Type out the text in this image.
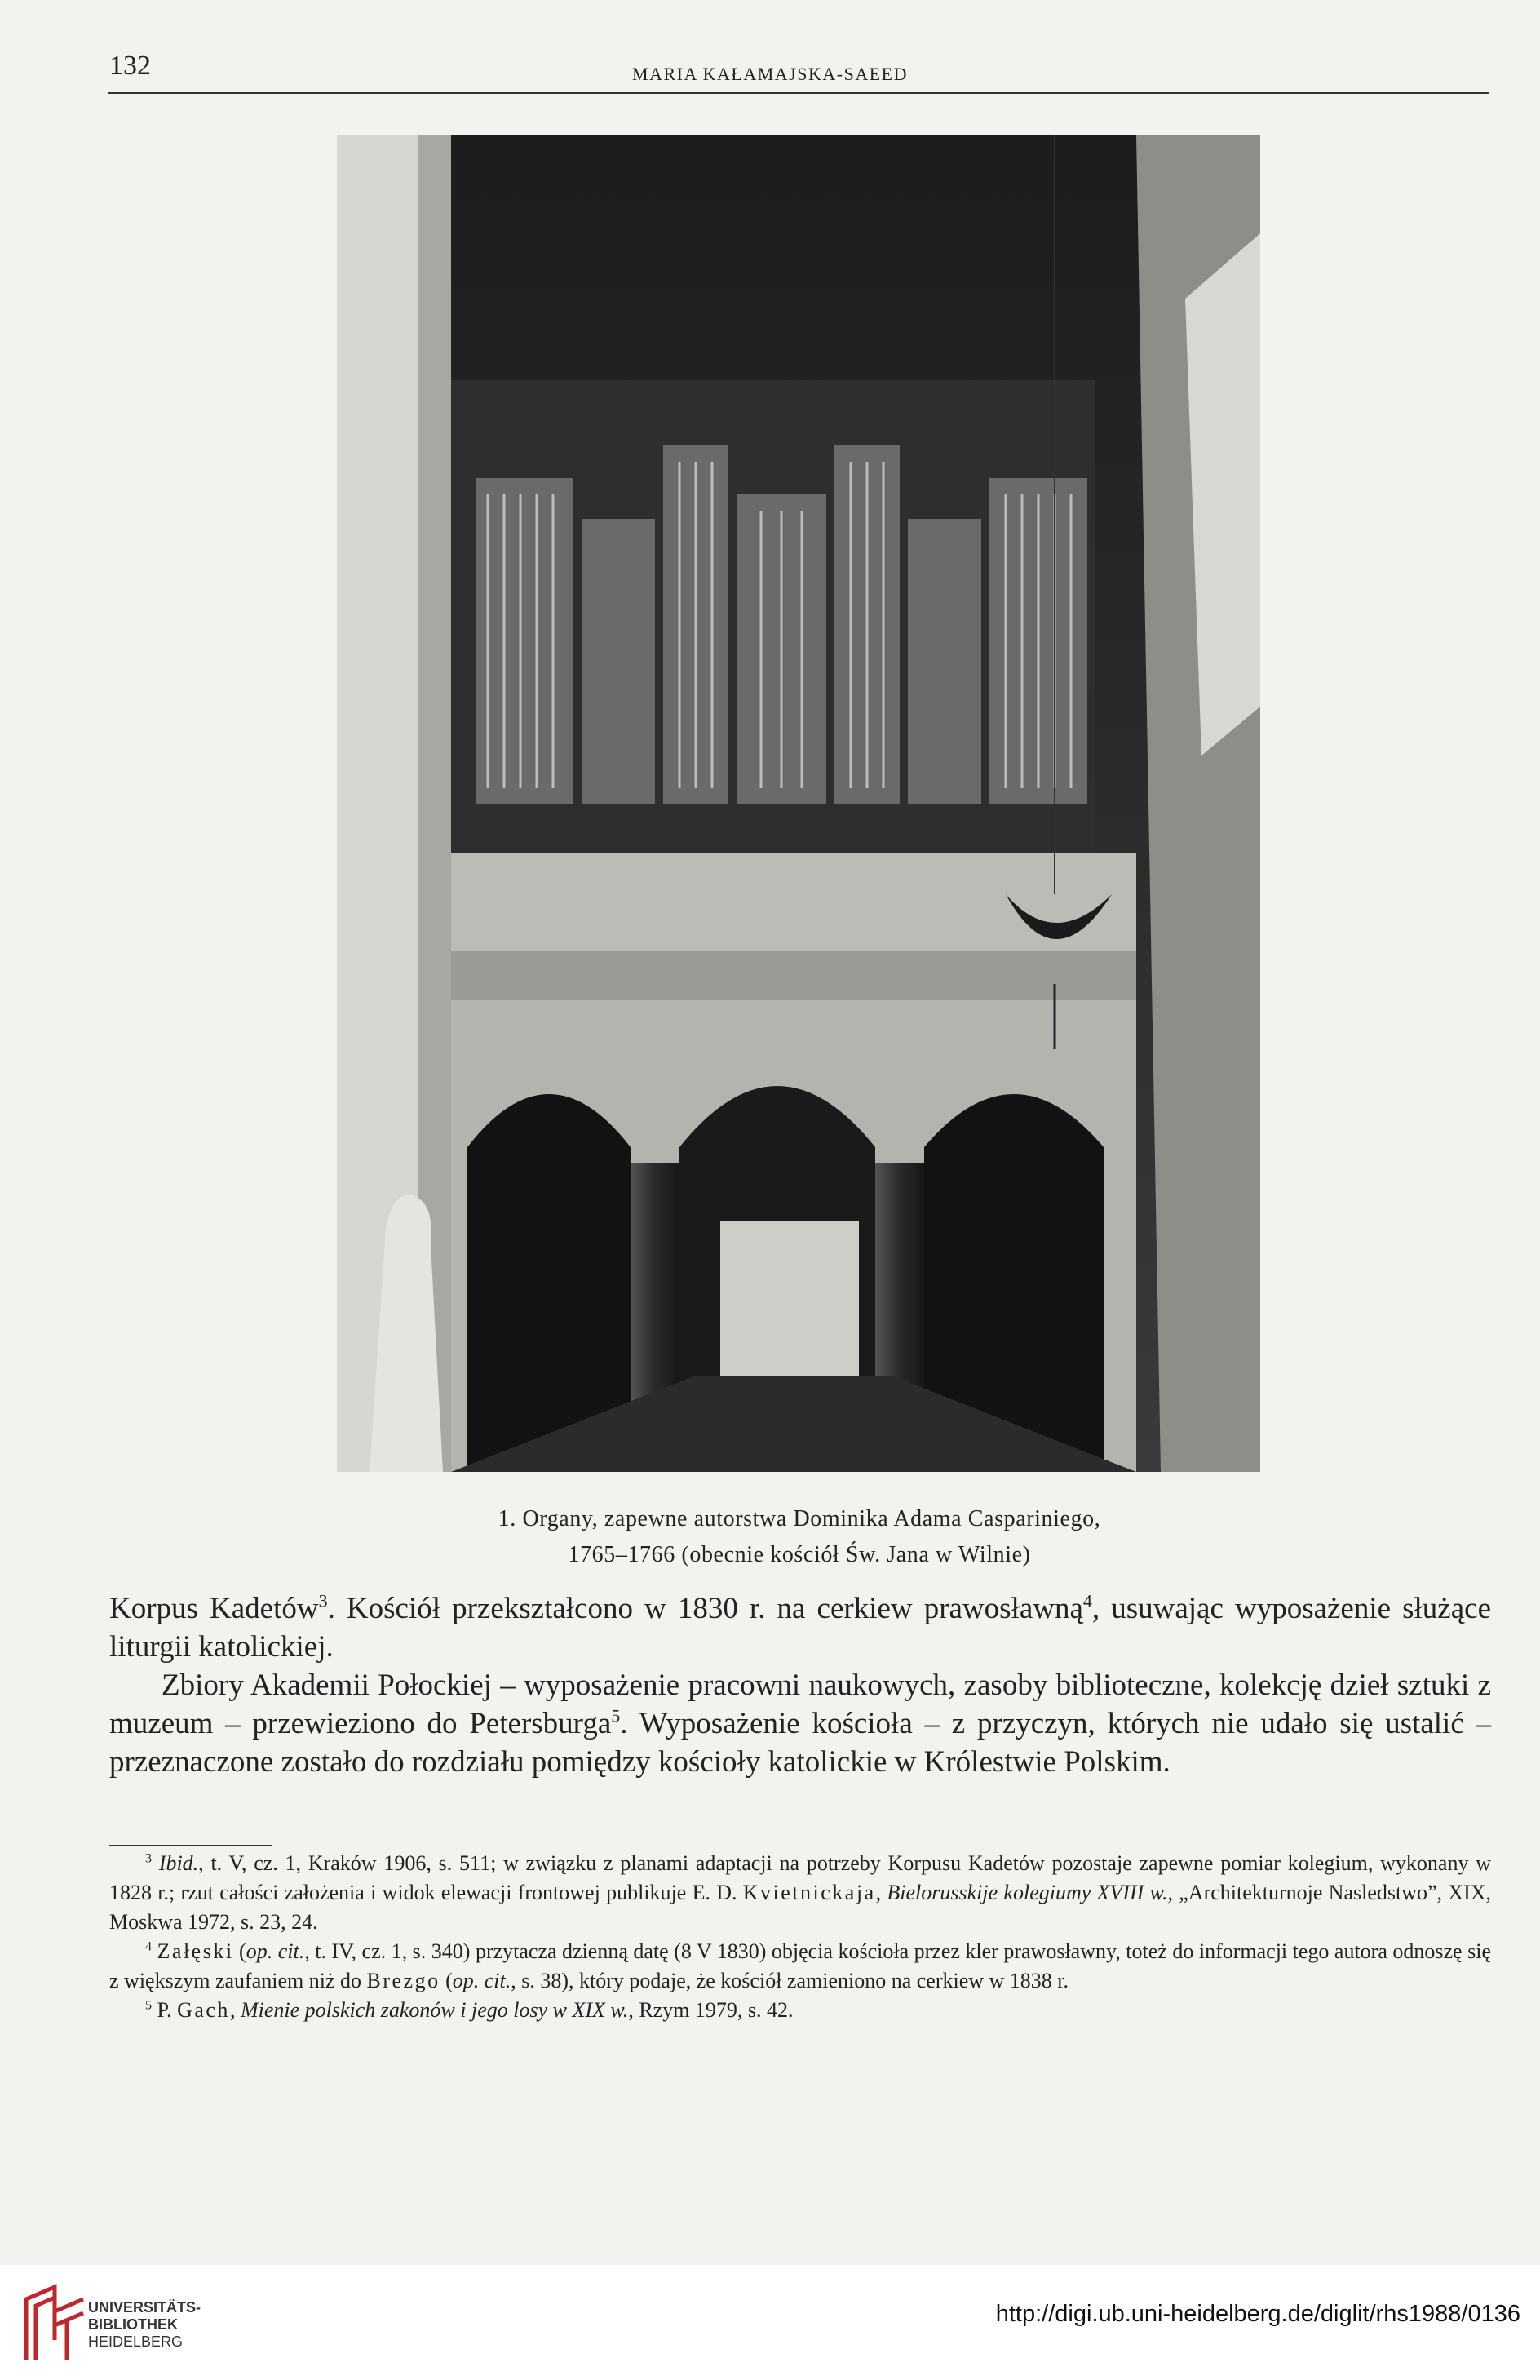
132	MARIA KAŁAMAJSKA-SAEED
1. Organy, zapewne autorstwa Dominika Adama Caspariniego,
1765–1766 (obecnie kościół Św. Jana w Wilnie)

Korpus Kadetów$^3$. Kościół przekształcono w 1830 r. na cerkiew prawosławną$^4$, usuwając wyposażenie służące liturgii katolickiej.

Zbiory Akademii Połockiej – wyposażenie pracowni naukowych, zasoby biblioteczne, kolekcję dzieł sztuki z muzeum – przewieziono do Petersburga$^5$. Wyposażenie kościoła – z przyczyn, których nie udało się ustalić – przeznaczone zostało do rozdziału pomiędzy kościoły katolickie w Królestwie Polskim.

$^3$ Ibid., t. V, cz. 1, Kraków 1906, s. 511; w związku z planami adaptacji na potrzeby Korpusu Kadetów pozostaje zapewne pomiar kolegium, wykonany w 1828 r.; rzut całości założenia i widok elewacji frontowej publikuje E. D. Kvietnickaja, Bielorusskije kolegiumy XVIII w., „Architekturnoje Nasledstwo”, XIX, Moskwa 1972, s. 23, 24.

$^4$ Załęski (op. cit., t. IV, cz. 1, s. 340) przytacza dzienną datę (8 V 1830) objęcia kościoła przez kler prawosławny, toteż do informacji tego autora odnoszę się z większym zaufaniem niż do Brezgo (op. cit., s. 38), który podaje, że kościół zamieniono na cerkiew w 1838 r.

$^5$ P. Gach, Mienie polskich zakonów i jego losy w XIX w., Rzym 1979, s. 42.

UNIVERSITÄTS-
BIBLIOTHEK
HEIDELBERG
http://digi.ub.uni-heidelberg.de/diglit/rhs1988/0136
